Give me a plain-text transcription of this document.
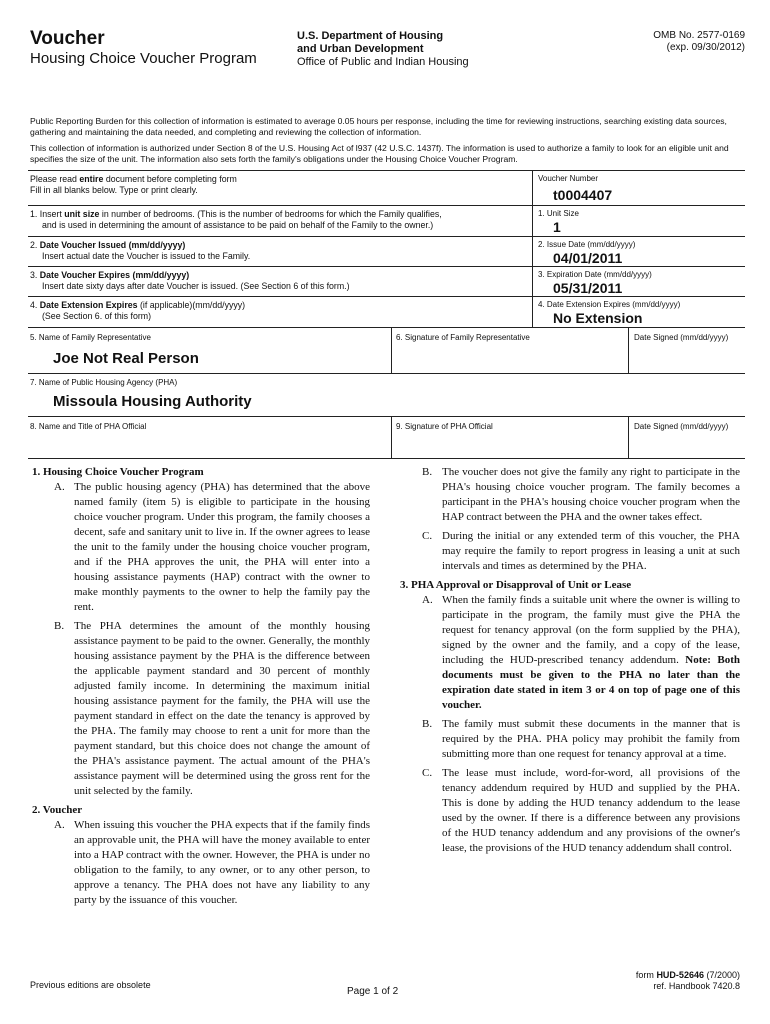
Voucher
Housing Choice Voucher Program
U.S. Department of Housing
and Urban Development
Office of Public and Indian Housing
OMB No. 2577-0169
(exp. 09/30/2012)
Public Reporting Burden for this collection of information is estimated to average 0.05 hours per response, including the time for reviewing instructions, searching existing data sources, gathering and maintaining the data needed, and completing and reviewing the collection of information.
This collection of information is authorized under Section 8 of the U.S. Housing Act of l937 (42 U.S.C. 1437f). The information is used to authorize a family to look for an eligible unit and specifies the size of the unit. The information also sets forth the family's obligations under the Housing Choice Voucher Program.
Please read entire document before completing form
Fill in all blanks below. Type or print clearly.
Voucher Number
t0004407
1. Insert unit size in number of bedrooms. (This is the number of bedrooms for which the Family qualifies,
and is used in determining the amount of assistance to be paid on behalf of the Family to the owner.)
1. Unit Size
1
2. Date Voucher Issued (mm/dd/yyyy)
Insert actual date the Voucher is issued to the Family.
2. Issue Date (mm/dd/yyyy)
04/01/2011
3. Date Voucher Expires (mm/dd/yyyy)
Insert date sixty days after date Voucher is issued. (See Section 6 of this form.)
3. Expiration Date (mm/dd/yyyy)
05/31/2011
4. Date Extension Expires (if applicable)(mm/dd/yyyy)
(See Section 6. of this form)
4. Date Extension Expires (mm/dd/yyyy)
No Extension
5. Name of Family Representative	6. Signature of Family Representative	Date Signed (mm/dd/yyyy)
Joe Not Real Person
7. Name of Public Housing Agency (PHA)
Missoula Housing Authority
8. Name and Title of PHA Official	9. Signature of PHA Official	Date Signed (mm/dd/yyyy)

1. Housing Choice Voucher Program

A. The public housing agency (PHA) has determined that the above named family (item 5) is eligible to participate in the housing choice voucher program. Under this program, the family chooses a decent, safe and sanitary unit to live in. If the owner agrees to lease the unit to the family under the housing choice voucher program, and if the PHA approves the unit, the PHA will enter into a housing assistance payments (HAP) contract with the owner to make monthly payments to the owner to help the family pay the rent.
B. The PHA determines the amount of the monthly housing assistance payment to be paid to the owner. Generally, the monthly housing assistance payment by the PHA is the difference between the applicable payment standard and 30 percent of monthly adjusted family income. In determining the maximum initial housing assistance payment for the family, the PHA will use the payment standard in effect on the date the tenancy is approved by the PHA. The family may choose to rent a unit for more than the payment standard, but this choice does not change the amount of the PHA's assistance payment. The actual amount of the PHA's assistance payment will be determined using the gross rent for the unit selected by the family.

2. Voucher

A. When issuing this voucher the PHA expects that if the family finds an approvable unit, the PHA will have the money available to enter into a HAP contract with the owner. However, the PHA is under no obligation to the family, to any owner, or to any other person, to approve a tenancy. The PHA does not have any liability to any party by the issuance of this voucher.
B. The voucher does not give the family any right to participate in the PHA's housing choice voucher program. The family becomes a participant in the PHA's housing choice voucher program when the HAP contract between the PHA and the owner takes effect.
C. During the initial or any extended term of this voucher, the PHA may require the family to report progress in leasing a unit at such intervals and times as determined by the PHA.

3. PHA Approval or Disapproval of Unit or Lease

A. When the family finds a suitable unit where the owner is willing to participate in the program, the family must give the PHA the request for tenancy approval (on the form supplied by the PHA), signed by the owner and the family, and a copy of the lease, including the HUD-prescribed tenancy addendum. Note: Both documents must be given to the PHA no later than the expiration date stated in item 3 or 4 on top of page one of this voucher.
B. The family must submit these documents in the manner that is required by the PHA. PHA policy may prohibit the family from submitting more than one request for tenancy approval at a time.
C. The lease must include, word-for-word, all provisions of the tenancy addendum required by HUD and supplied by the PHA. This is done by adding the HUD tenancy addendum to the lease used by the owner. If there is a difference between any provisions of the HUD tenancy addendum and any provisions of the owner's lease, the provisions of the HUD tenancy addendum shall control.
Previous editions are obsolete
Page 1 of 2
form HUD-52646 (7/2000)
ref. Handbook 7420.8
